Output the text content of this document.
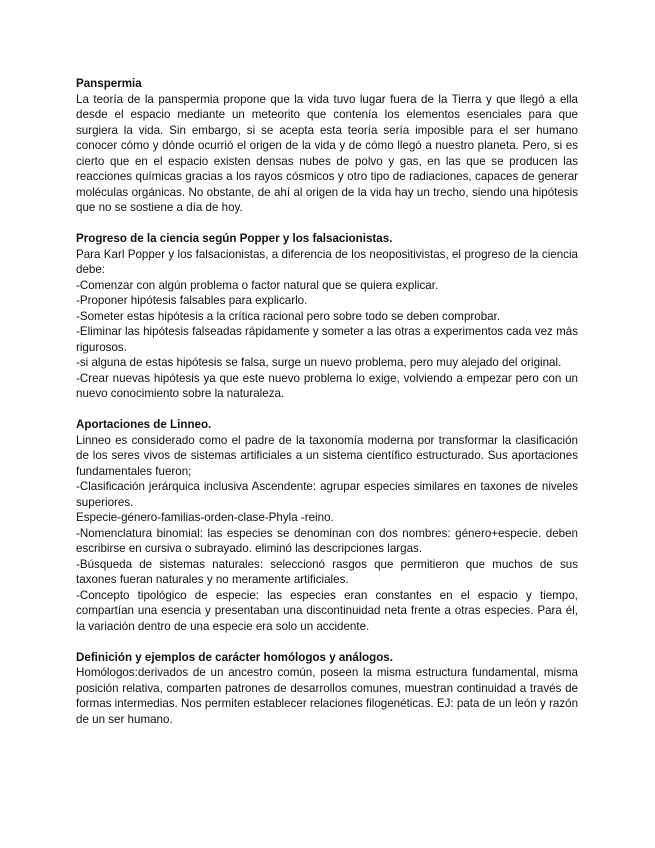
Panspermia

La teoría de la panspermia propone que la vida tuvo lugar fuera de la Tierra y que llegó a ella desde el espacio mediante un meteorito que contenía los elementos esenciales para que surgiera la vida. Sin embargo, si se acepta esta teoría sería imposible para el ser humano conocer cómo y dónde ocurrió el origen de la vida y de cómo llegó a nuestro planeta. Pero, si es cierto que en el espacio existen densas nubes de polvo y gas, en las que se producen las reacciones químicas gracias a los rayos cósmicos y otro tipo de radiaciones, capaces de generar moléculas orgánicas. No obstante, de ahí al origen de la vida hay un trecho, siendo una hipótesis que no se sostiene a día de hoy.

Progreso de la ciencia según Popper y los falsacionistas.

Para Karl Popper y los falsacionistas, a diferencia de los neopositivistas, el progreso de la ciencia debe:

-Comenzar con algún problema o factor natural que se quiera explicar.

-Proponer hipótesis falsables para explicarlo.

-Someter estas hipótesis a la crítica racional pero sobre todo se deben comprobar.

-Eliminar las hipótesis falseadas rápidamente y someter a las otras a experimentos cada vez más rigurosos.

-si alguna de estas hipótesis se falsa, surge un nuevo problema, pero muy alejado del original.

-Crear nuevas hipótesis ya que este nuevo problema lo exige, volviendo a empezar pero con un nuevo conocimiento sobre la naturaleza.

Aportaciones de Linneo.

Linneo es considerado como el padre de la taxonomía moderna por transformar la clasificación de los seres vivos de sistemas artificiales a un sistema científico estructurado. Sus aportaciones fundamentales fueron;

-Clasificación jerárquica inclusiva Ascendente: agrupar especies similares en taxones de niveles superiores.

Especie-género-familias-orden-clase-Phyla -reino.

-Nomenclatura binomial: las especies se denominan con dos nombres: género+especie. deben escribirse en cursiva o subrayado. eliminó las descripciones largas.

-Búsqueda de sistemas naturales: seleccionó rasgos que permitieron que muchos de sus taxones fueran naturales y no meramente artificiales.

-Concepto tipológico de especie: las especies eran constantes en el espacio y tiempo, compartían una esencia y presentaban una discontinuidad neta frente a otras especies. Para él, la variación dentro de una especie era solo un accidente.

Definición y ejemplos de carácter homólogos y análogos.

Homólogos:derivados de un ancestro común, poseen la misma estructura fundamental, misma posición relativa, comparten patrones de desarrollos comunes, muestran continuidad a través de formas intermedias. Nos permiten establecer relaciones filogenéticas. EJ: pata de un león y razón de un ser humano.
